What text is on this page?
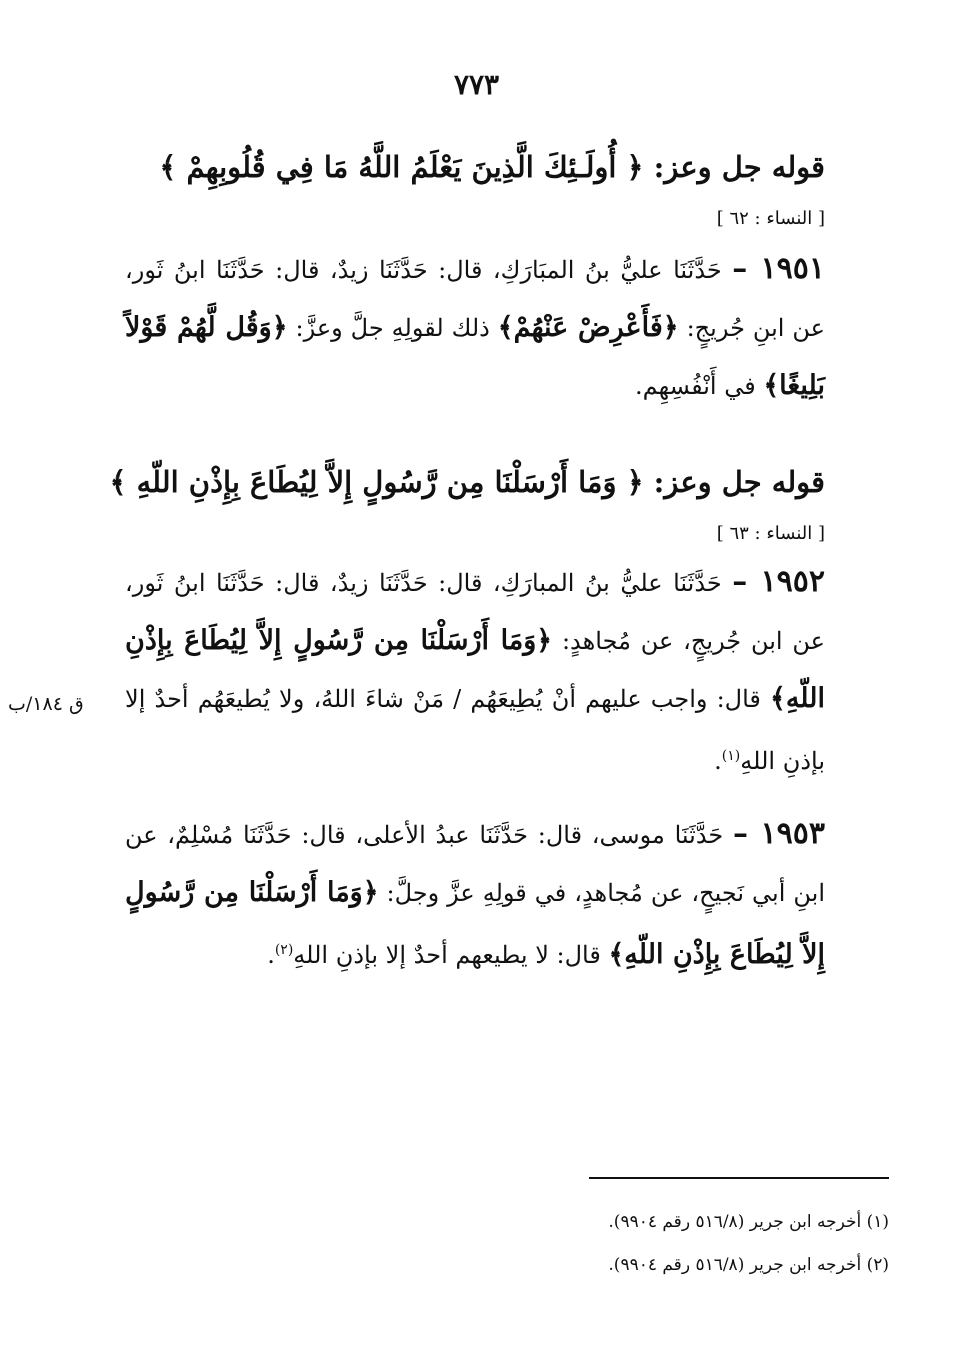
٧٧٣
قوله جل وعز: ﴿ أُولَـئِكَ الَّذِينَ يَعْلَمُ اللَّهُ مَا فِي قُلُوبِهِمْ ﴾
[ النساء : ٦٢ ]
١٩٥١ – حَدَّثَنَا عليُّ بنُ المبَارَكِ، قال: حَدَّثَنَا زيدٌ، قال: حَدَّثَنَا ابنُ ثَور، عن ابنِ جُريجٍ: ﴿فَأَعْرِضْ عَنْهُمْ﴾ ذلك لقولِهِ جلَّ وعزَّ: ﴿وَقُل لَّهُمْ قَوْلاً بَلِيغًا﴾ في أَنْفُسِهِم.
قوله جل وعز: ﴿ وَمَا أَرْسَلْنَا مِن رَّسُولٍ إِلاَّ لِيُطَاعَ بِإِذْنِ اللّهِ ﴾
[ النساء : ٦٣ ]
١٩٥٢ – حَدَّثَنَا عليُّ بنُ المبارَكِ، قال: حَدَّثَنَا زيدٌ، قال: حَدَّثَنَا ابنُ ثَور، عن ابن جُريجٍ، عن مُجاهدٍ: ﴿وَمَا أَرْسَلْنَا مِن رَّسُولٍ إِلاَّ لِيُطَاعَ بِإِذْنِ اللّهِ﴾ قال: واجب عليهم أنْ يُطِيعَهُم / مَنْ شاءَ اللهُ، ولا يُطيعَهُم أحدٌ إلا بإذنِ اللهِ$^{(١)}$.
ق ١٨٤/ب
١٩٥٣ – حَدَّثَنَا موسى، قال: حَدَّثَنَا عبدُ الأعلى، قال: حَدَّثَنَا مُسْلِمٌ، عن ابنِ أبي نَجيحٍ، عن مُجاهدٍ، في قولِهِ عزَّ وجلَّ: ﴿وَمَا أَرْسَلْنَا مِن رَّسُولٍ إِلاَّ لِيُطَاعَ بِإِذْنِ اللّهِ﴾ قال: لا يطيعهم أحدٌ إلا بإذنِ اللهِ$^{(٢)}$.
(١) أخرجه ابن جرير (٥١٦/٨ رقم ٩٩٠٤).
(٢) أخرجه ابن جرير (٥١٦/٨ رقم ٩٩٠٤).
